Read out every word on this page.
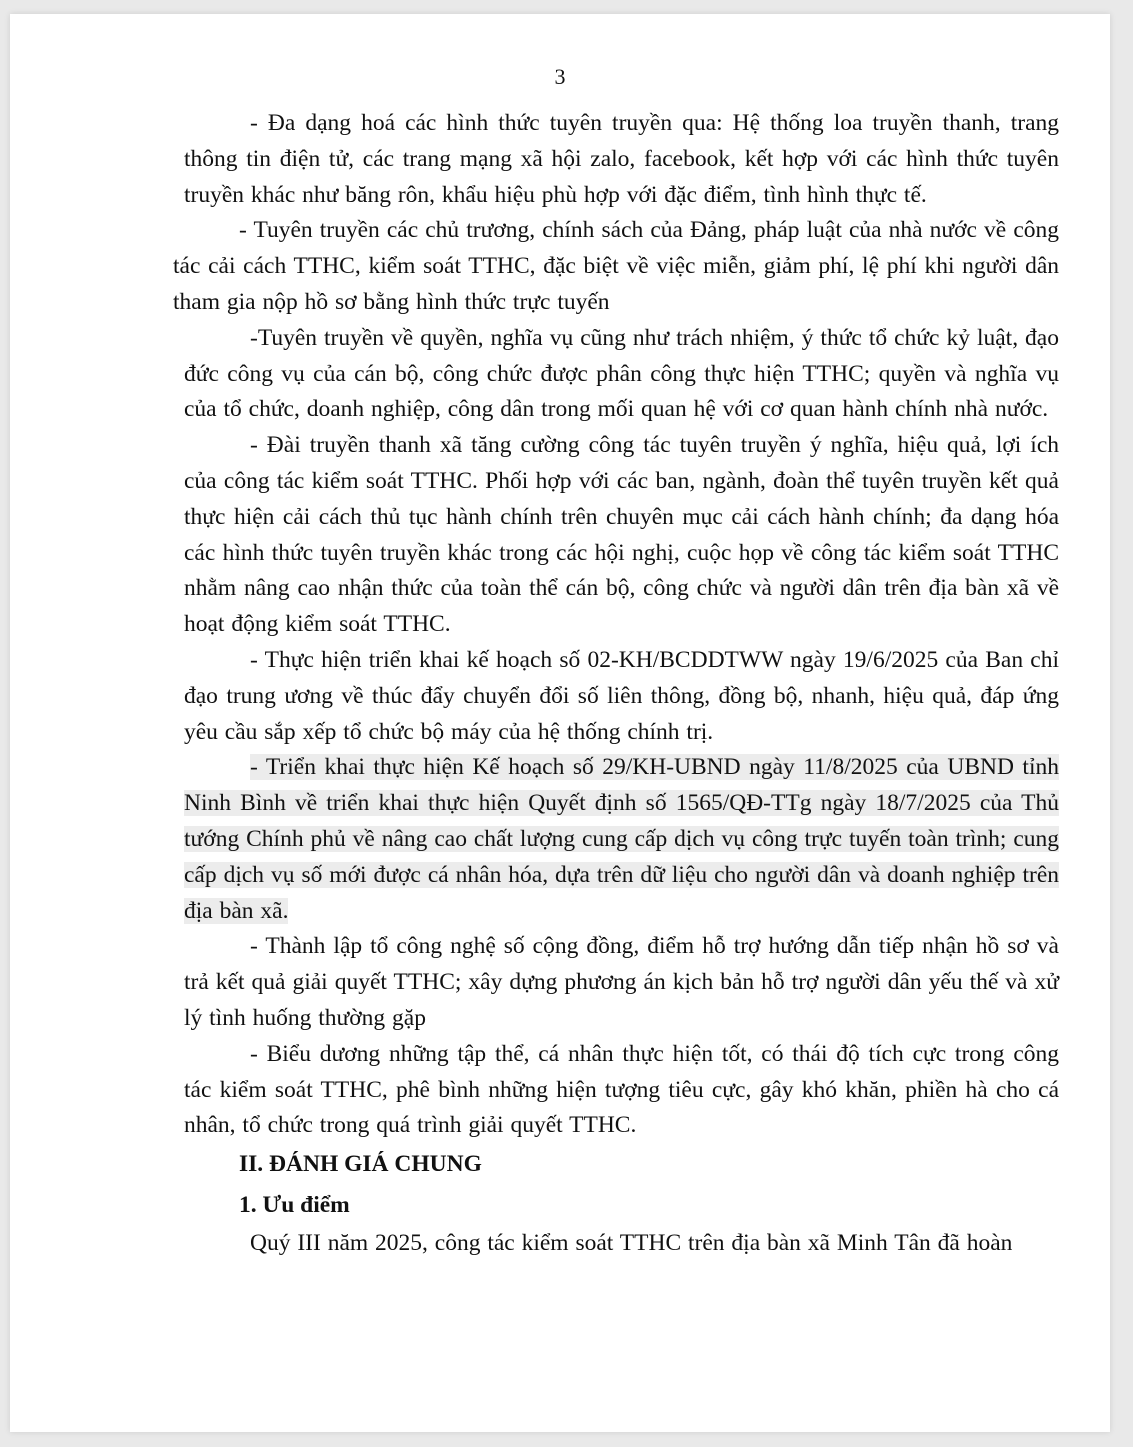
3

- Đa dạng hoá các hình thức tuyên truyền qua: Hệ thống loa truyền thanh, trang thông tin điện tử, các trang mạng xã hội zalo, facebook, kết hợp với các hình thức tuyên truyền khác như băng rôn, khẩu hiệu phù hợp với đặc điểm, tình hình thực tế.

- Tuyên truyền các chủ trương, chính sách của Đảng, pháp luật của nhà nước về công tác cải cách TTHC, kiểm soát TTHC, đặc biệt về việc miễn, giảm phí, lệ phí khi người dân tham gia nộp hồ sơ bằng hình thức trực tuyến

-Tuyên truyền về quyền, nghĩa vụ cũng như trách nhiệm, ý thức tổ chức kỷ luật, đạo đức công vụ của cán bộ, công chức được phân công thực hiện TTHC; quyền và nghĩa vụ của tổ chức, doanh nghiệp, công dân trong mối quan hệ với cơ quan hành chính nhà nước.

- Đài truyền thanh xã tăng cường công tác tuyên truyền ý nghĩa, hiệu quả, lợi ích của công tác kiểm soát TTHC. Phối hợp với các ban, ngành, đoàn thể tuyên truyền kết quả thực hiện cải cách thủ tục hành chính trên chuyên mục cải cách hành chính; đa dạng hóa các hình thức tuyên truyền khác trong các hội nghị, cuộc họp về công tác kiểm soát TTHC nhằm nâng cao nhận thức của toàn thể cán bộ, công chức và người dân trên địa bàn xã về hoạt động kiểm soát TTHC.

- Thực hiện triển khai kế hoạch số 02-KH/BCDDTWW ngày 19/6/2025 của Ban chỉ đạo trung ương về thúc đẩy chuyển đổi số liên thông, đồng bộ, nhanh, hiệu quả, đáp ứng yêu cầu sắp xếp tổ chức bộ máy của hệ thống chính trị.

- Triển khai thực hiện Kế hoạch số 29/KH-UBND ngày 11/8/2025 của UBND tỉnh Ninh Bình về triển khai thực hiện Quyết định số 1565/QĐ-TTg ngày 18/7/2025 của Thủ tướng Chính phủ về nâng cao chất lượng cung cấp dịch vụ công trực tuyến toàn trình; cung cấp dịch vụ số mới được cá nhân hóa, dựa trên dữ liệu cho người dân và doanh nghiệp trên địa bàn xã.

- Thành lập tổ công nghệ số cộng đồng, điểm hỗ trợ hướng dẫn tiếp nhận hồ sơ và trả kết quả giải quyết TTHC; xây dựng phương án kịch bản hỗ trợ người dân yếu thế và xử lý tình huống thường gặp

- Biểu dương những tập thể, cá nhân thực hiện tốt, có thái độ tích cực trong công tác kiểm soát TTHC, phê bình những hiện tượng tiêu cực, gây khó khăn, phiền hà cho cá nhân, tổ chức trong quá trình giải quyết TTHC.

II. ĐÁNH GIÁ CHUNG
1. Ưu điểm

Quý III năm 2025, công tác kiểm soát TTHC trên địa bàn xã Minh Tân đã hoàn
